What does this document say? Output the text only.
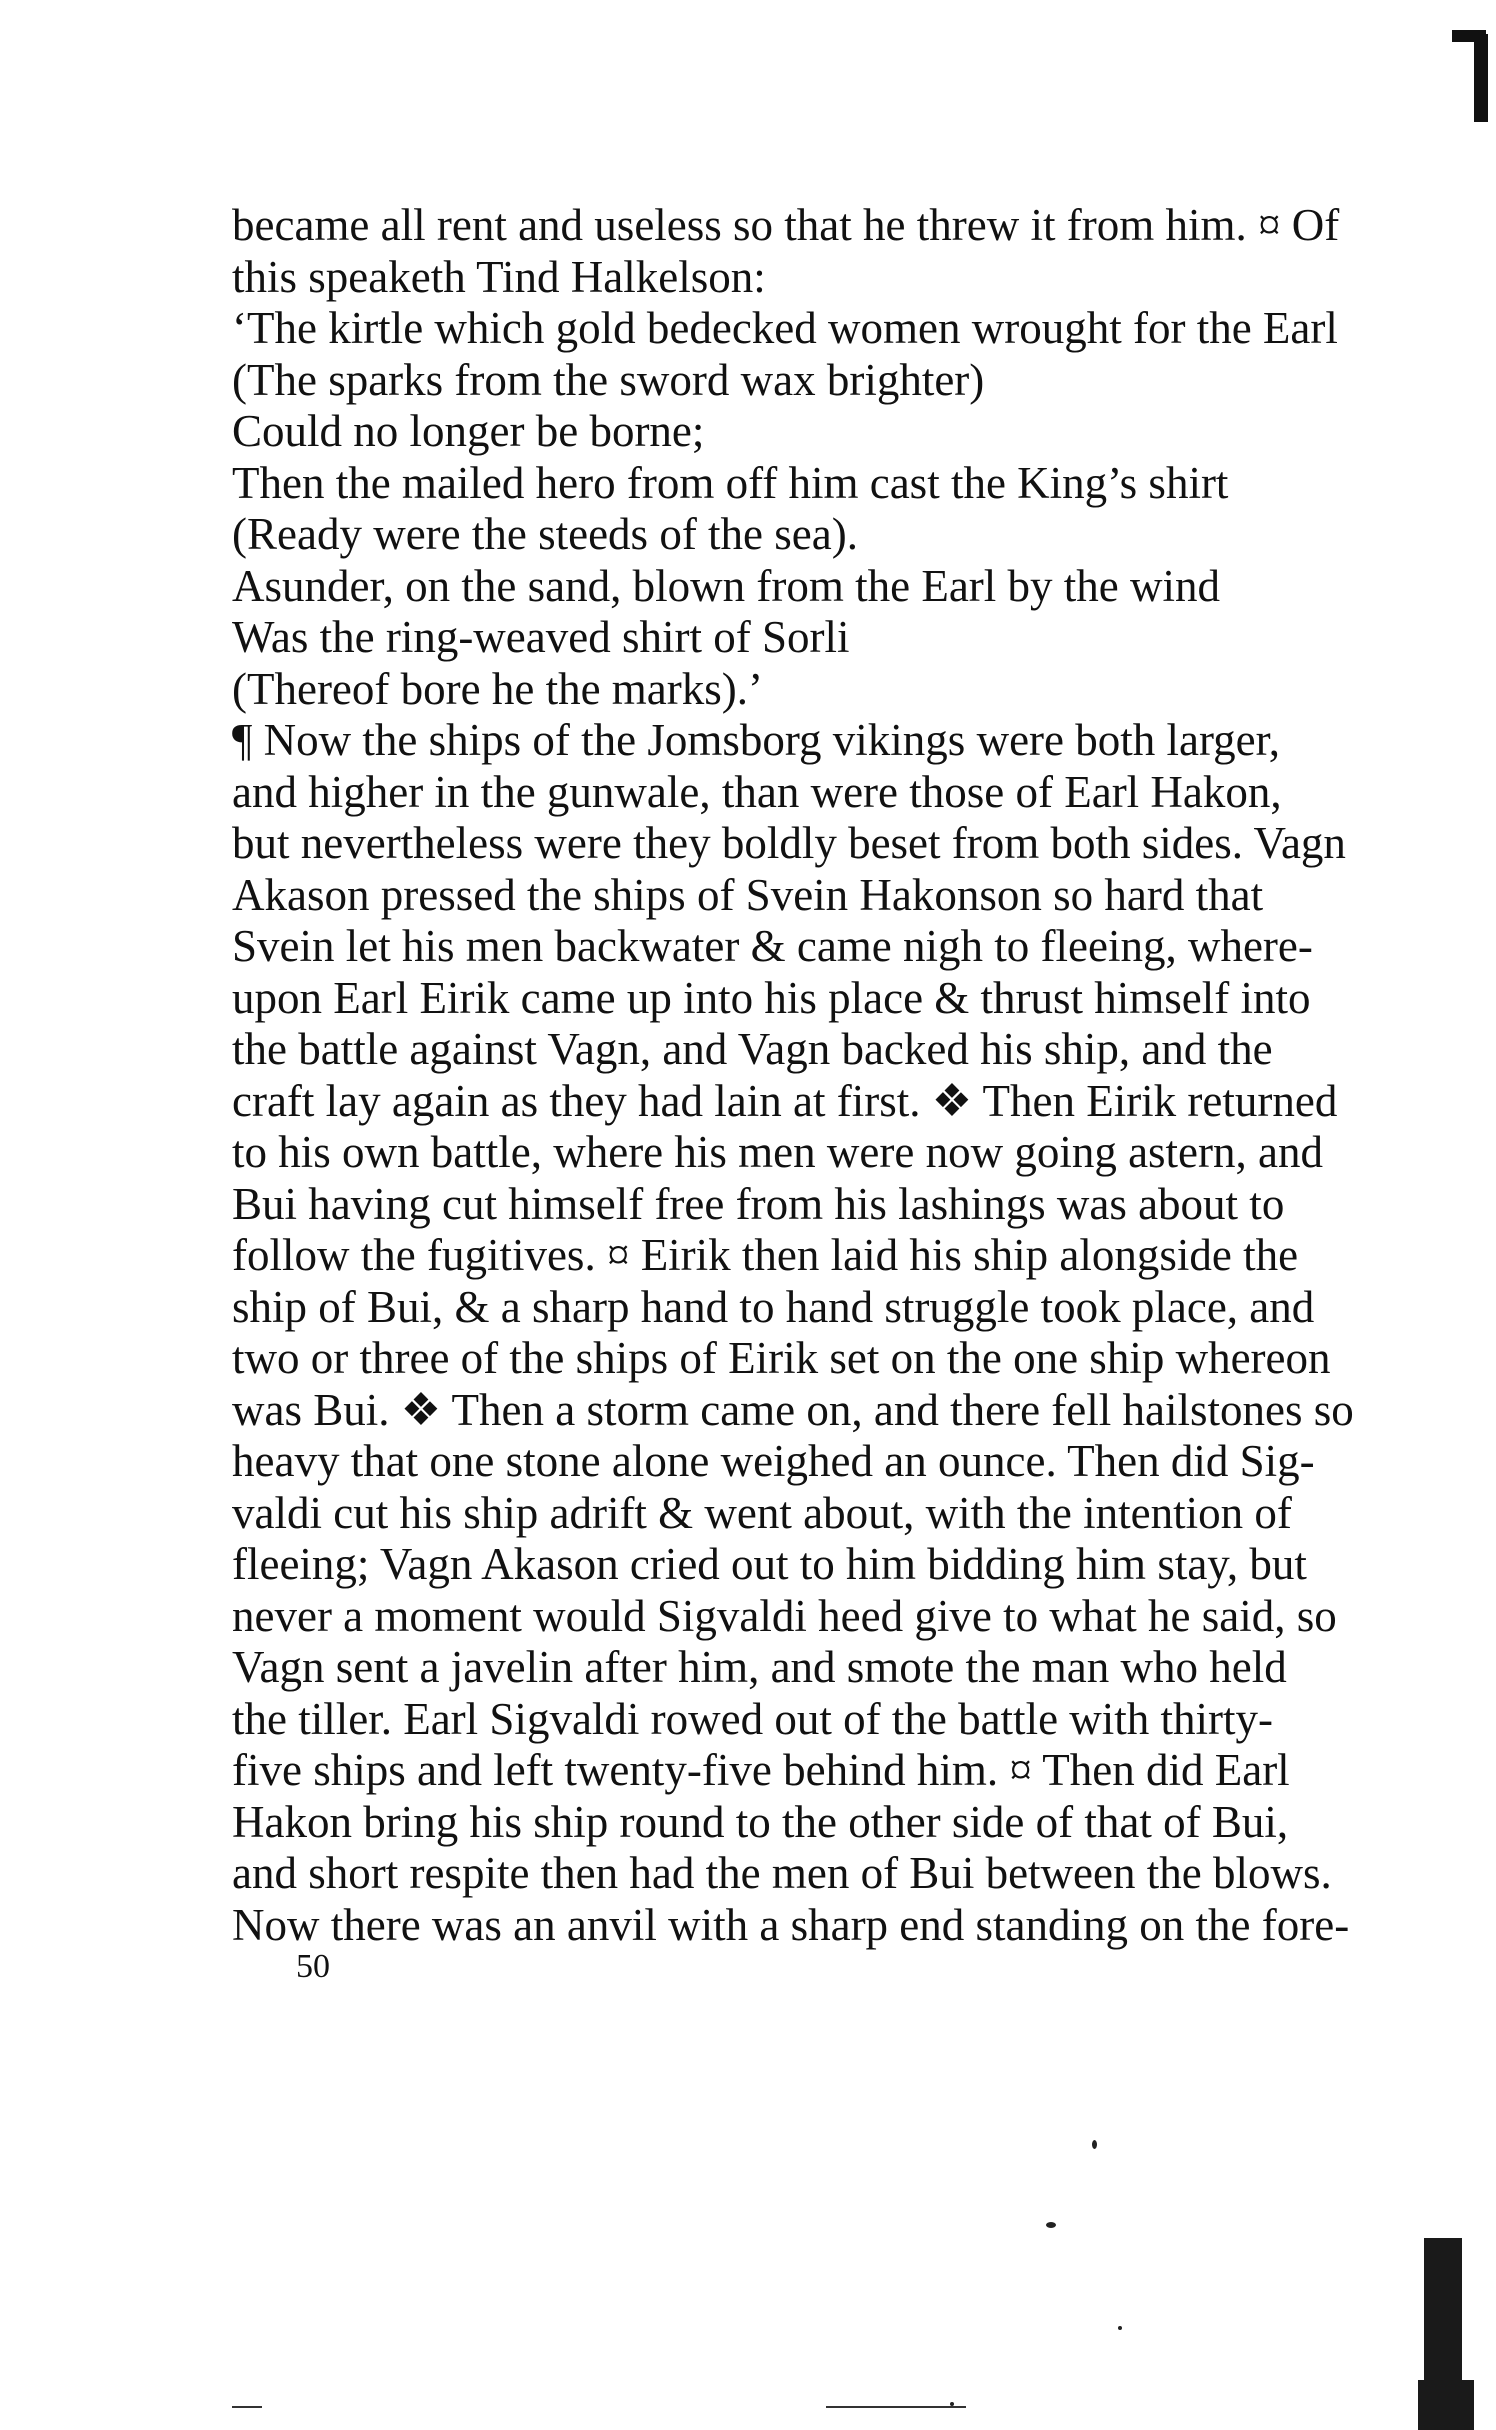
became all rent and useless so that he threw it from him. ¤ Of
this speaketh Tind Halkelson:
‘The kirtle which gold bedecked women wrought for the Earl
(The sparks from the sword wax brighter)
Could no longer be borne;
Then the mailed hero from off him cast the King’s shirt
(Ready were the steeds of the sea).
Asunder, on the sand, blown from the Earl by the wind
Was the ring-weaved shirt of Sorli
(Thereof bore he the marks).’
¶ Now the ships of the Jomsborg vikings were both larger,
and higher in the gunwale, than were those of Earl Hakon,
but nevertheless were they boldly beset from both sides. Vagn
Akason pressed the ships of Svein Hakonson so hard that
Svein let his men backwater & came nigh to fleeing, where-
upon Earl Eirik came up into his place & thrust himself into
the battle against Vagn, and Vagn backed his ship, and the
craft lay again as they had lain at first. ❖ Then Eirik returned
to his own battle, where his men were now going astern, and
Bui having cut himself free from his lashings was about to
follow the fugitives. ¤ Eirik then laid his ship alongside the
ship of Bui, & a sharp hand to hand struggle took place, and
two or three of the ships of Eirik set on the one ship whereon
was Bui. ❖ Then a storm came on, and there fell hailstones so
heavy that one stone alone weighed an ounce. Then did Sig-
valdi cut his ship adrift & went about, with the intention of
fleeing; Vagn Akason cried out to him bidding him stay, but
never a moment would Sigvaldi heed give to what he said, so
Vagn sent a javelin after him, and smote the man who held
the tiller. Earl Sigvaldi rowed out of the battle with thirty-
five ships and left twenty-five behind him. ¤ Then did Earl
Hakon bring his ship round to the other side of that of Bui,
and short respite then had the men of Bui between the blows.
Now there was an anvil with a sharp end standing on the fore-
50
